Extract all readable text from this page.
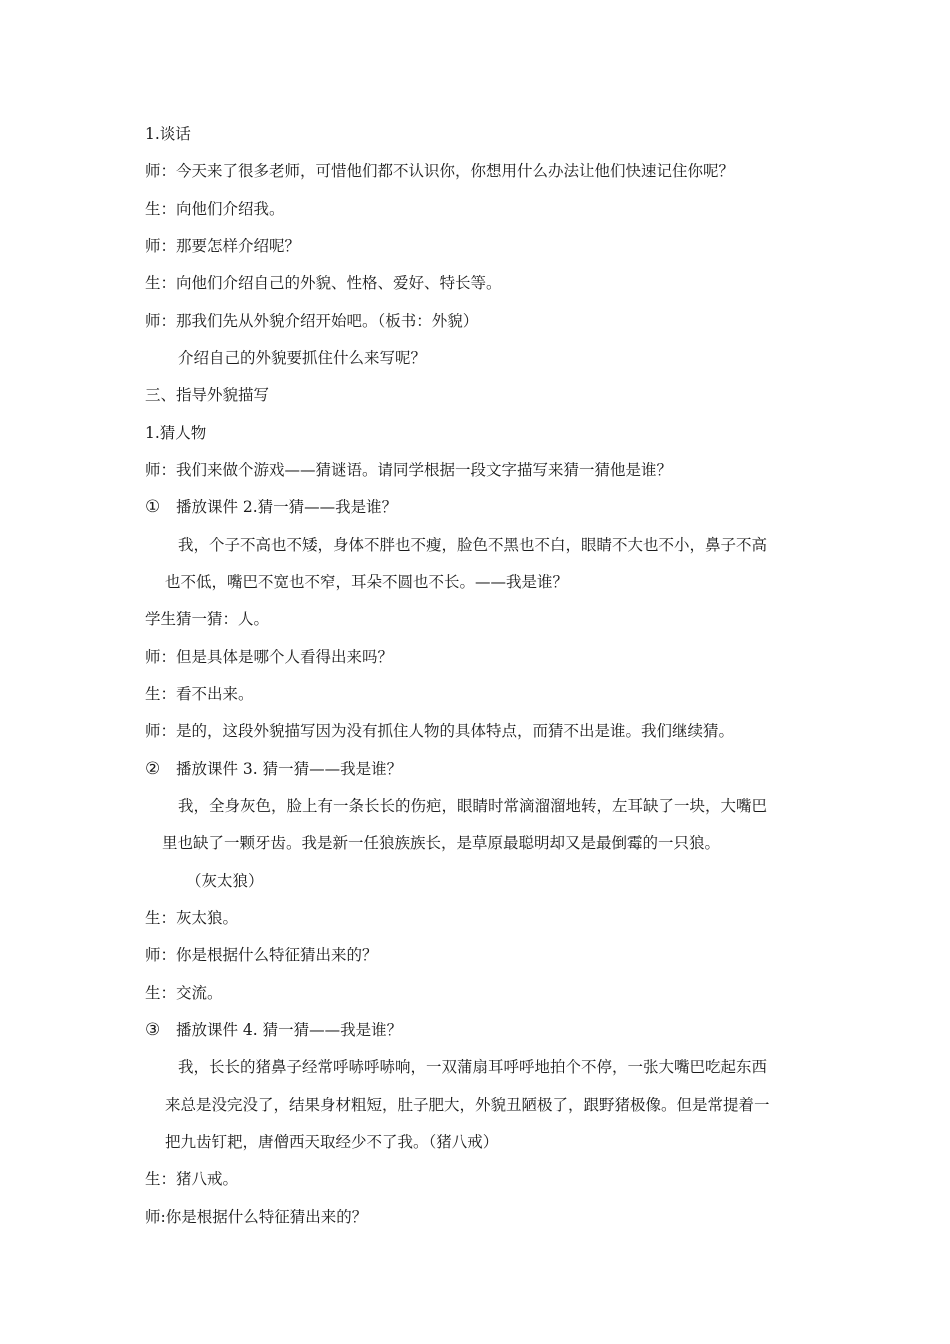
1.谈话
师：今天来了很多老师，可惜他们都不认识你，你想用什么办法让他们快速记住你呢？
生：向他们介绍我。
师：那要怎样介绍呢？
生：向他们介绍自己的外貌、性格、爱好、特长等。
师：那我们先从外貌介绍开始吧。（板书：外貌）
介绍自己的外貌要抓住什么来写呢？
三、指导外貌描写
1.猜人物
师：我们来做个游戏——猜谜语。请同学根据一段文字描写来猜一猜他是谁？
① 播放课件 2.猜一猜——我是谁？
我，个子不高也不矮，身体不胖也不瘦，脸色不黑也不白，眼睛不大也不小，鼻子不高
也不低，嘴巴不宽也不窄，耳朵不圆也不长。——我是谁？
学生猜一猜：人。
师：但是具体是哪个人看得出来吗？
生：看不出来。
师：是的，这段外貌描写因为没有抓住人物的具体特点，而猜不出是谁。我们继续猜。
② 播放课件 3. 猜一猜——我是谁？
我，全身灰色，脸上有一条长长的伤疤，眼睛时常滴溜溜地转，左耳缺了一块，大嘴巴
里也缺了一颗牙齿。我是新一任狼族族长，是草原最聪明却又是最倒霉的一只狼。
（灰太狼）
生：灰太狼。
师：你是根据什么特征猜出来的？
生：交流。
③ 播放课件 4. 猜一猜——我是谁？
我，长长的猪鼻子经常呼哧呼哧响，一双蒲扇耳呼呼地拍个不停，一张大嘴巴吃起东西
来总是没完没了，结果身材粗短，肚子肥大，外貌丑陋极了，跟野猪极像。但是常提着一
把九齿钉耙，唐僧西天取经少不了我。（猪八戒）
生：猪八戒。
师:你是根据什么特征猜出来的？
